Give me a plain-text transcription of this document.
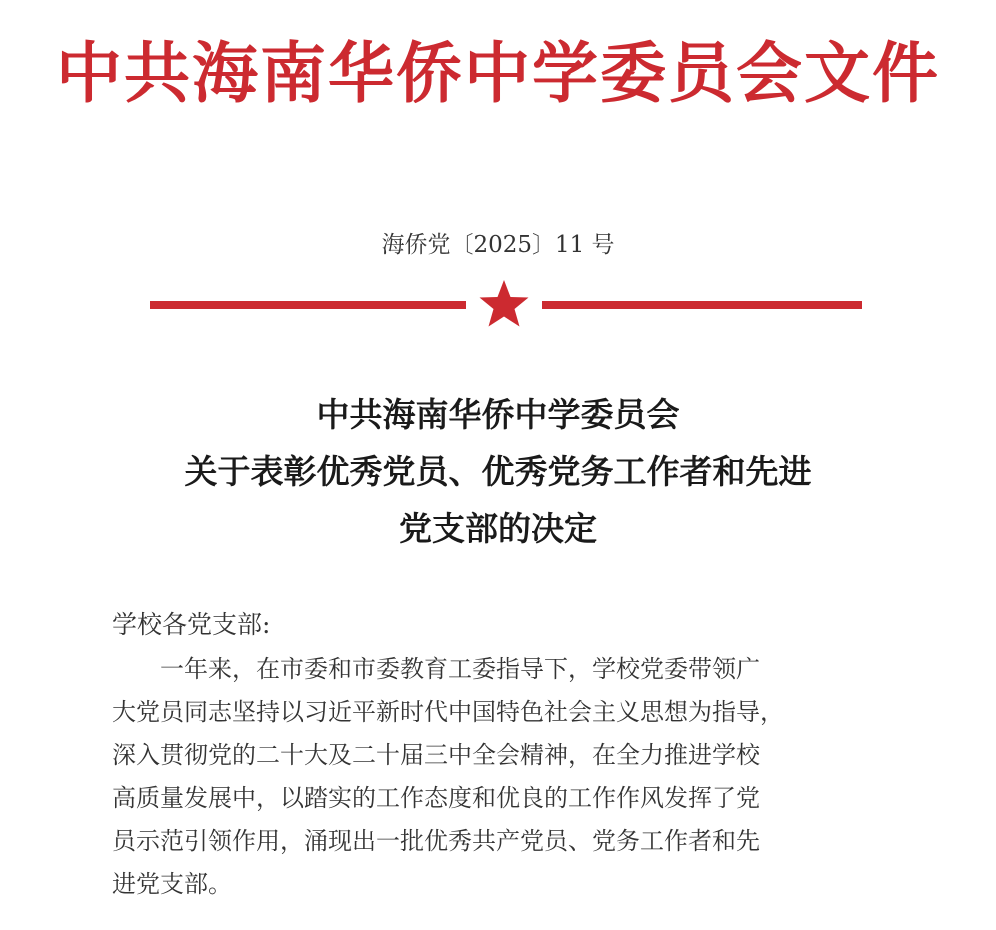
中共海南华侨中学委员会文件
海侨党〔2025〕11 号
中共海南华侨中学委员会
关于表彰优秀党员、优秀党务工作者和先进
党支部的决定
学校各党支部:
一年来，在市委和市委教育工委指导下，学校党委带领广
大党员同志坚持以习近平新时代中国特色社会主义思想为指导，
深入贯彻党的二十大及二十届三中全会精神，在全力推进学校
高质量发展中，以踏实的工作态度和优良的工作作风发挥了党
员示范引领作用，涌现出一批优秀共产党员、党务工作者和先
进党支部。
